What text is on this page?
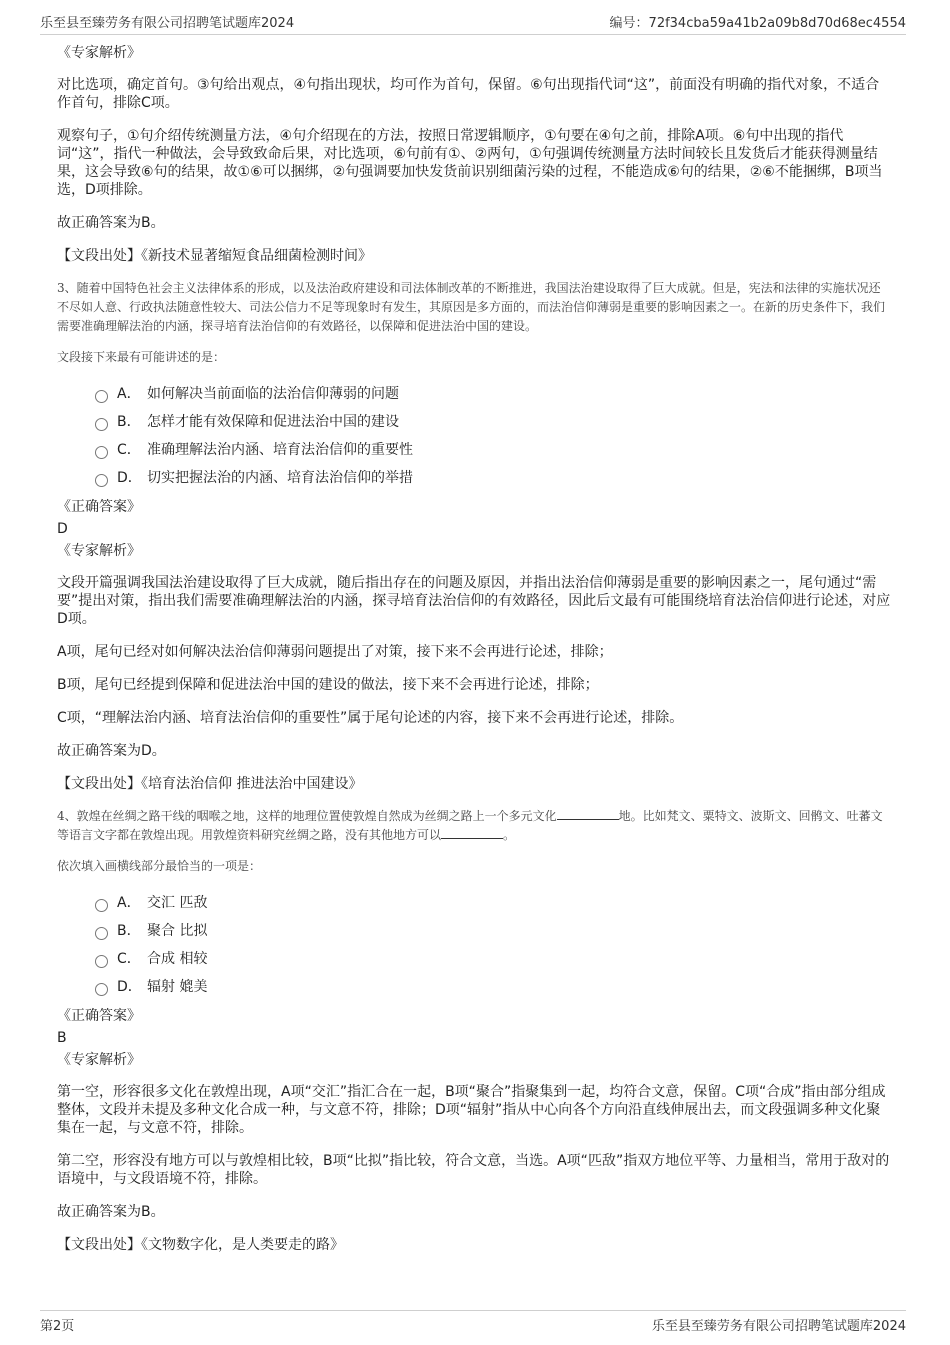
乐至县至臻劳务有限公司招聘笔试题库2024	编号：72f34cba59a41b2a09b8d70d68ec4554
《专家解析》
对比选项，确定首句。③句给出观点，④句指出现状，均可作为首句，保留。⑥句出现指代词“这”，前面没有明确的指代对象，不适合作首句，排除C项。
观察句子，①句介绍传统测量方法，④句介绍现在的方法，按照日常逻辑顺序，①句要在④句之前，排除A项。⑥句中出现的指代词“这”，指代一种做法，会导致致命后果，对比选项，⑥句前有①、②两句，①句强调传统测量方法时间较长且发货后才能获得测量结果，这会导致⑥句的结果，故①⑥可以捆绑，②句强调要加快发货前识别细菌污染的过程，不能造成⑥句的结果，②⑥不能捆绑，B项当选，D项排除。
故正确答案为B。
【文段出处】《新技术显著缩短食品细菌检测时间》
3、随着中国特色社会主义法律体系的形成，以及法治政府建设和司法体制改革的不断推进，我国法治建设取得了巨大成就。但是，宪法和法律的实施状况还不尽如人意、行政执法随意性较大、司法公信力不足等现象时有发生，其原因是多方面的，而法治信仰薄弱是重要的影响因素之一。在新的历史条件下，我们需要准确理解法治的内涵，探寻培育法治信仰的有效路径，以保障和促进法治中国的建设。
文段接下来最有可能讲述的是：
A． 如何解决当前面临的法治信仰薄弱的问题
B． 怎样才能有效保障和促进法治中国的建设
C． 准确理解法治内涵、培育法治信仰的重要性
D． 切实把握法治的内涵、培育法治信仰的举措
《正确答案》
D
《专家解析》
文段开篇强调我国法治建设取得了巨大成就，随后指出存在的问题及原因，并指出法治信仰薄弱是重要的影响因素之一，尾句通过“需要”提出对策，指出我们需要准确理解法治的内涵，探寻培育法治信仰的有效路径，因此后文最有可能围绕培育法治信仰进行论述，对应D项。
A项，尾句已经对如何解决法治信仰薄弱问题提出了对策，接下来不会再进行论述，排除；
B项，尾句已经提到保障和促进法治中国的建设的做法，接下来不会再进行论述，排除；
C项，“理解法治内涵、培育法治信仰的重要性”属于尾句论述的内容，接下来不会再进行论述，排除。
故正确答案为D。
【文段出处】《培育法治信仰 推进法治中国建设》
4、敦煌在丝绸之路干线的咽喉之地，这样的地理位置使敦煌自然成为丝绸之路上一个多元文化	地。比如梵文、粟特文、波斯文、回鹘文、吐蕃文等语言文字都在敦煌出现。用敦煌资料研究丝绸之路，没有其他地方可以	。
依次填入画横线部分最恰当的一项是：
A． 交汇 匹敌
B． 聚合 比拟
C． 合成 相较
D． 辐射 媲美
《正确答案》
B
《专家解析》
第一空，形容很多文化在敦煌出现，A项“交汇”指汇合在一起，B项“聚合”指聚集到一起，均符合文意，保留。C项“合成”指由部分组成整体，文段并未提及多种文化合成一种，与文意不符，排除；D项“辐射”指从中心向各个方向沿直线伸展出去，而文段强调多种文化聚集在一起，与文意不符，排除。
第二空，形容没有地方可以与敦煌相比较，B项“比拟”指比较，符合文意，当选。A项“匹敌”指双方地位平等、力量相当，常用于敌对的语境中，与文段语境不符，排除。
故正确答案为B。
【文段出处】《文物数字化，是人类要走的路》
第2页	乐至县至臻劳务有限公司招聘笔试题库2024
